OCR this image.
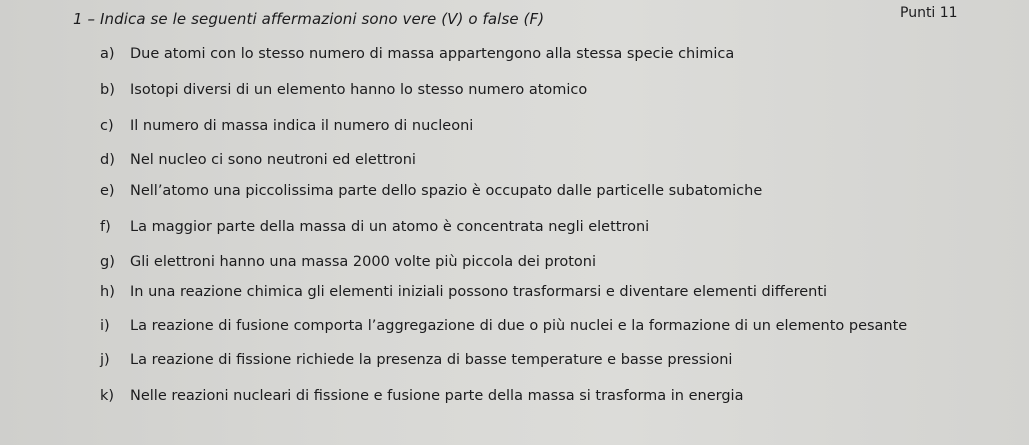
1 – Indica se le seguenti affermazioni sono vere (V) o false (F)	Punti 11
a) Due atomi con lo stesso numero di massa appartengono alla stessa specie chimica
b) Isotopi diversi di un elemento hanno lo stesso numero atomico
c) Il numero di massa indica il numero di nucleoni
d) Nel nucleo ci sono neutroni ed elettroni
e) Nell’atomo una piccolissima parte dello spazio è occupato dalle particelle subatomiche
f) La maggior parte della massa di un atomo è concentrata negli elettroni
g) Gli elettroni hanno una massa 2000 volte più piccola dei protoni
h) In una reazione chimica gli elementi iniziali possono trasformarsi e diventare elementi differenti
i) La reazione di fusione comporta l’aggregazione di due o più nuclei e la formazione di un elemento pesante
j) La reazione di fissione richiede la presenza di basse temperature e basse pressioni
k) Nelle reazioni nucleari di fissione e fusione parte della massa si trasforma in energia
